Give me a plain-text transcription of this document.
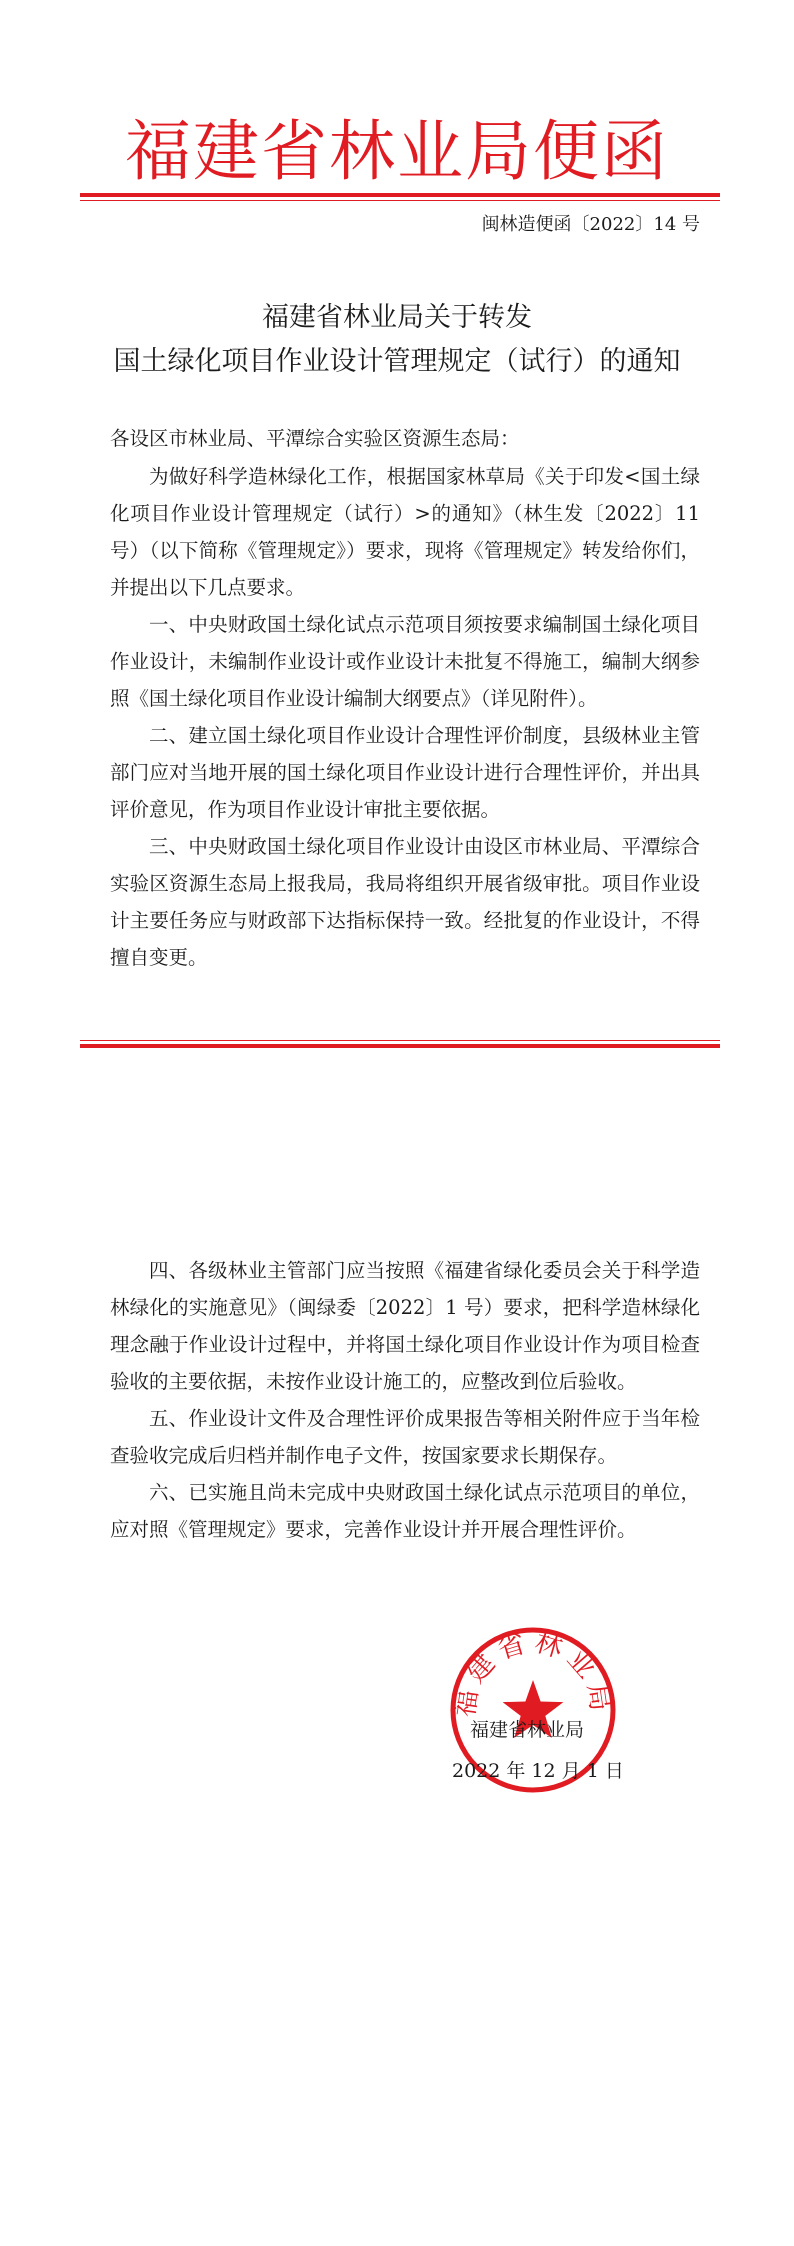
福建省林业局便函
闽林造便函〔2022〕14 号
福建省林业局关于转发
国土绿化项目作业设计管理规定（试行）的通知
各设区市林业局、平潭综合实验区资源生态局：

为做好科学造林绿化工作，根据国家林草局《关于印发<国土绿化项目作业设计管理规定（试行）>的通知》（林生发〔2022〕11 号）（以下简称《管理规定》）要求，现将《管理规定》转发给你们，并提出以下几点要求。

一、中央财政国土绿化试点示范项目须按要求编制国土绿化项目作业设计，未编制作业设计或作业设计未批复不得施工，编制大纲参照《国土绿化项目作业设计编制大纲要点》（详见附件）。

二、建立国土绿化项目作业设计合理性评价制度，县级林业主管部门应对当地开展的国土绿化项目作业设计进行合理性评价，并出具评价意见，作为项目作业设计审批主要依据。

三、中央财政国土绿化项目作业设计由设区市林业局、平潭综合实验区资源生态局上报我局，我局将组织开展省级审批。项目作业设计主要任务应与财政部下达指标保持一致。经批复的作业设计，不得擅自变更。

四、各级林业主管部门应当按照《福建省绿化委员会关于科学造林绿化的实施意见》（闽绿委〔2022〕1 号）要求，把科学造林绿化理念融于作业设计过程中，并将国土绿化项目作业设计作为项目检查验收的主要依据，未按作业设计施工的，应整改到位后验收。

五、作业设计文件及合理性评价成果报告等相关附件应于当年检查验收完成后归档并制作电子文件，按国家要求长期保存。

六、已实施且尚未完成中央财政国土绿化试点示范项目的单位，应对照《管理规定》要求，完善作业设计并开展合理性评价。

福建省林业局
福建省林业局
2022 年 12 月 1 日
